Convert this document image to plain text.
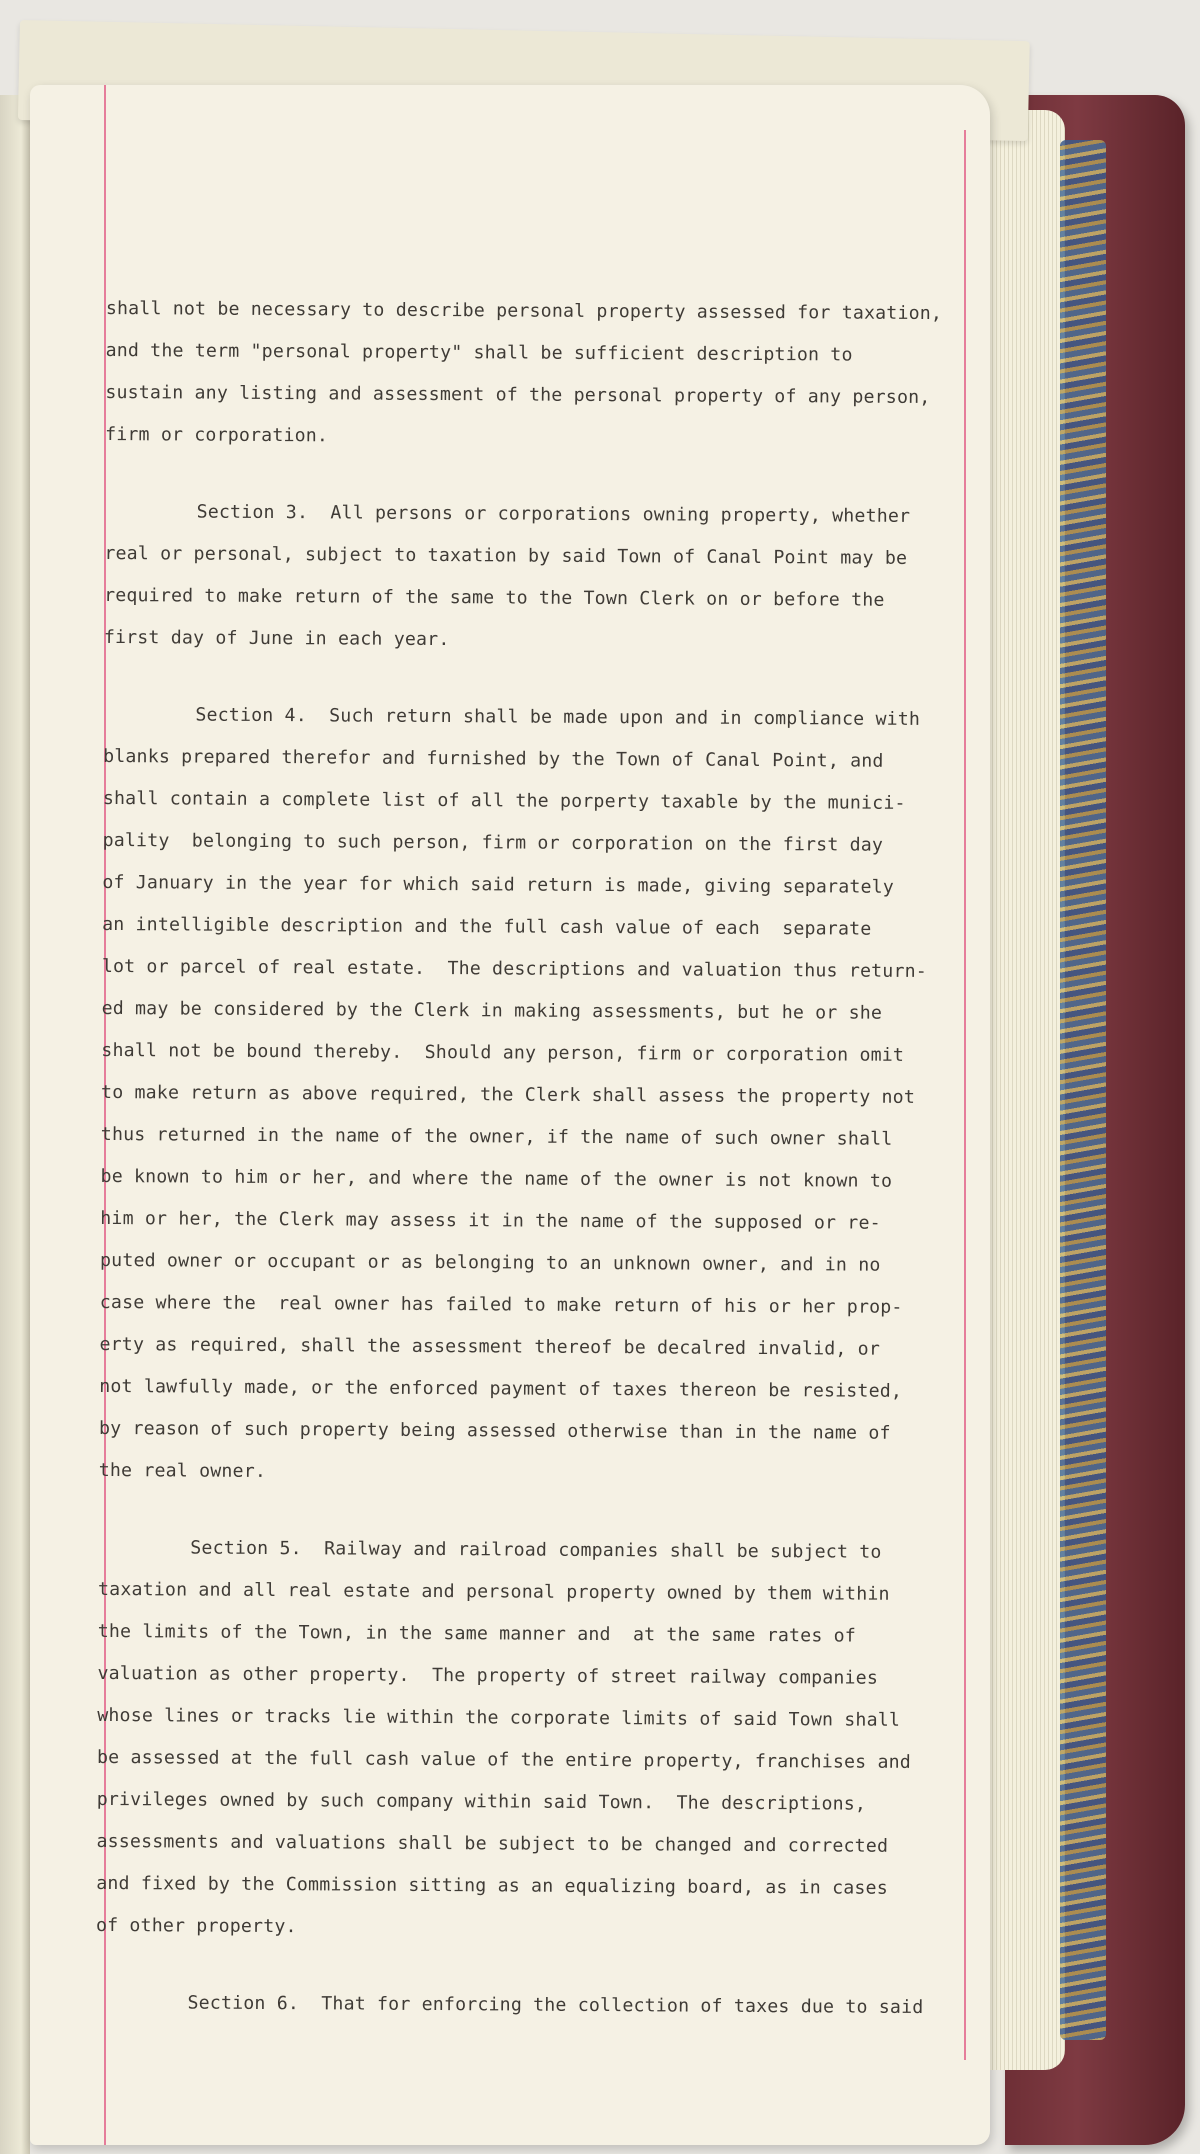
shall not be necessary to describe personal property assessed for taxation,
and the term "personal property" shall be sufficient description to
sustain any listing and assessment of the personal property of any person,
firm or corporation.
Section 3.  All persons or corporations owning property, whether
real or personal, subject to taxation by said Town of Canal Point may be
required to make return of the same to the Town Clerk on or before the
first day of June in each year.
Section 4.  Such return shall be made upon and in compliance with
blanks prepared therefor and furnished by the Town of Canal Point, and
shall contain a complete list of all the porperty taxable by the munici-
pality  belonging to such person, firm or corporation on the first day
of January in the year for which said return is made, giving separately
an intelligible description and the full cash value of each  separate
lot or parcel of real estate.  The descriptions and valuation thus return-
ed may be considered by the Clerk in making assessments, but he or she
shall not be bound thereby.  Should any person, firm or corporation omit
to make return as above required, the Clerk shall assess the property not
thus returned in the name of the owner, if the name of such owner shall
be known to him or her, and where the name of the owner is not known to
him or her, the Clerk may assess it in the name of the supposed or re-
puted owner or occupant or as belonging to an unknown owner, and in no
case where the  real owner has failed to make return of his or her prop-
erty as required, shall the assessment thereof be decalred invalid, or
not lawfully made, or the enforced payment of taxes thereon be resisted,
by reason of such property being assessed otherwise than in the name of
the real owner.
Section 5.  Railway and railroad companies shall be subject to
taxation and all real estate and personal property owned by them within
the limits of the Town, in the same manner and  at the same rates of
valuation as other property.  The property of street railway companies
whose lines or tracks lie within the corporate limits of said Town shall
be assessed at the full cash value of the entire property, franchises and
privileges owned by such company within said Town.  The descriptions,
assessments and valuations shall be subject to be changed and corrected
and fixed by the Commission sitting as an equalizing board, as in cases
of other property.
Section 6.  That for enforcing the collection of taxes due to said
